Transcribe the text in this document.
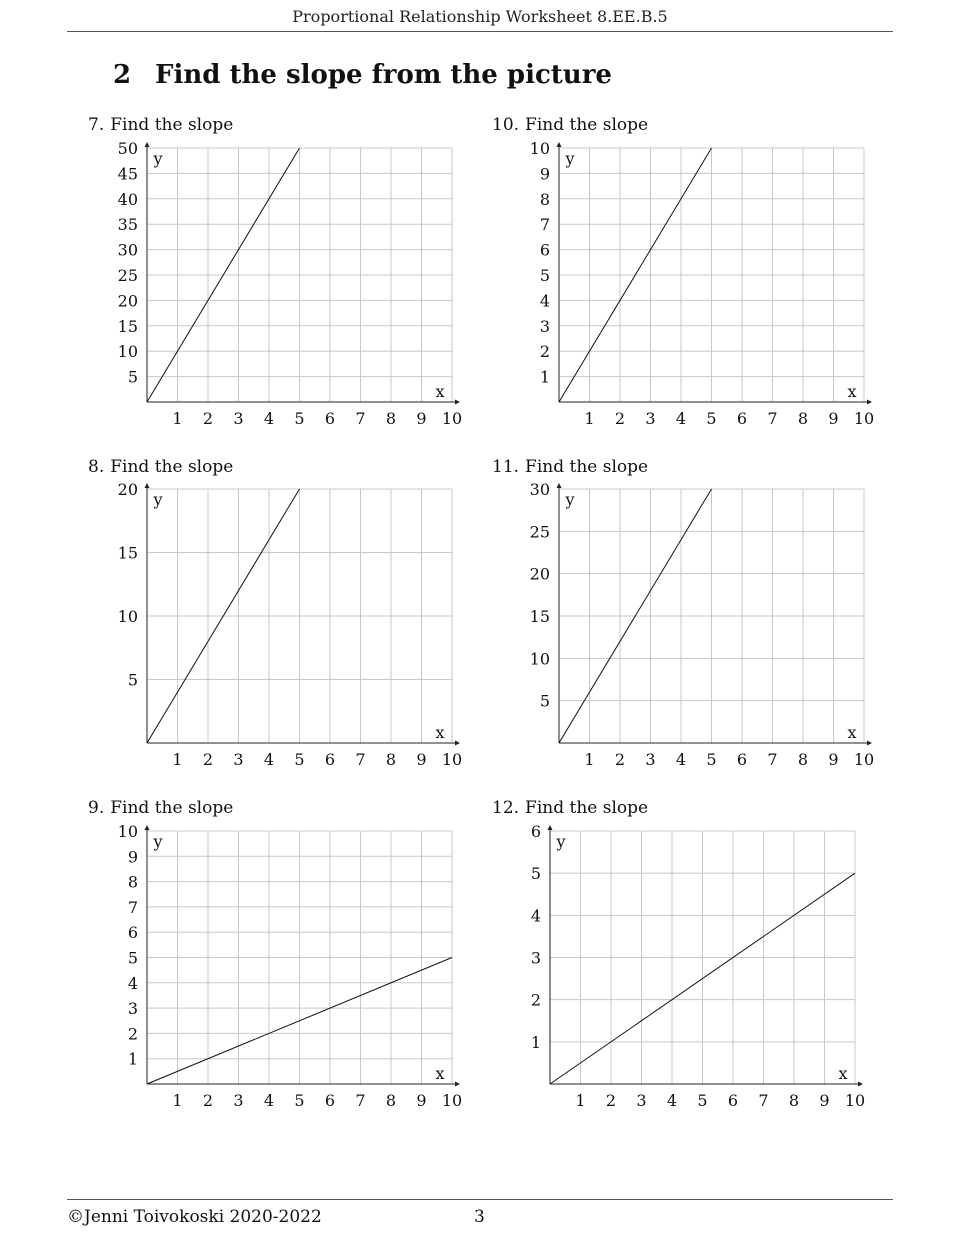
Proportional Relationship Worksheet 8.EE.B.5
2 Find the slope from the picture
7. Find the slope	10. Find the slope
8. Find the slope	11. Find the slope
9. Find the slope	12. Find the slope
1 2 3 4 5 6 7 8 9 10
5
10
15
20
25
30
35
40
45
50
x
y
1 2 3 4 5 6 7 8 9 10
1
2
3
4
5
6
7
8
9
10
x
y
1 2 3 4 5 6 7 8 9 10
5
10
15
20
x
y
1 2 3 4 5 6 7 8 9 10
5
10
15
20
25
30
x
y
1 2 3 4 5 6 7 8 9 10
1
2
3
4
5
6
7
8
9
10
x
y
1 2 3 4 5 6 7 8 9 10
1
2
3
4
5
6
x
y
©Jenni Toivokoski 2020-2022	3
